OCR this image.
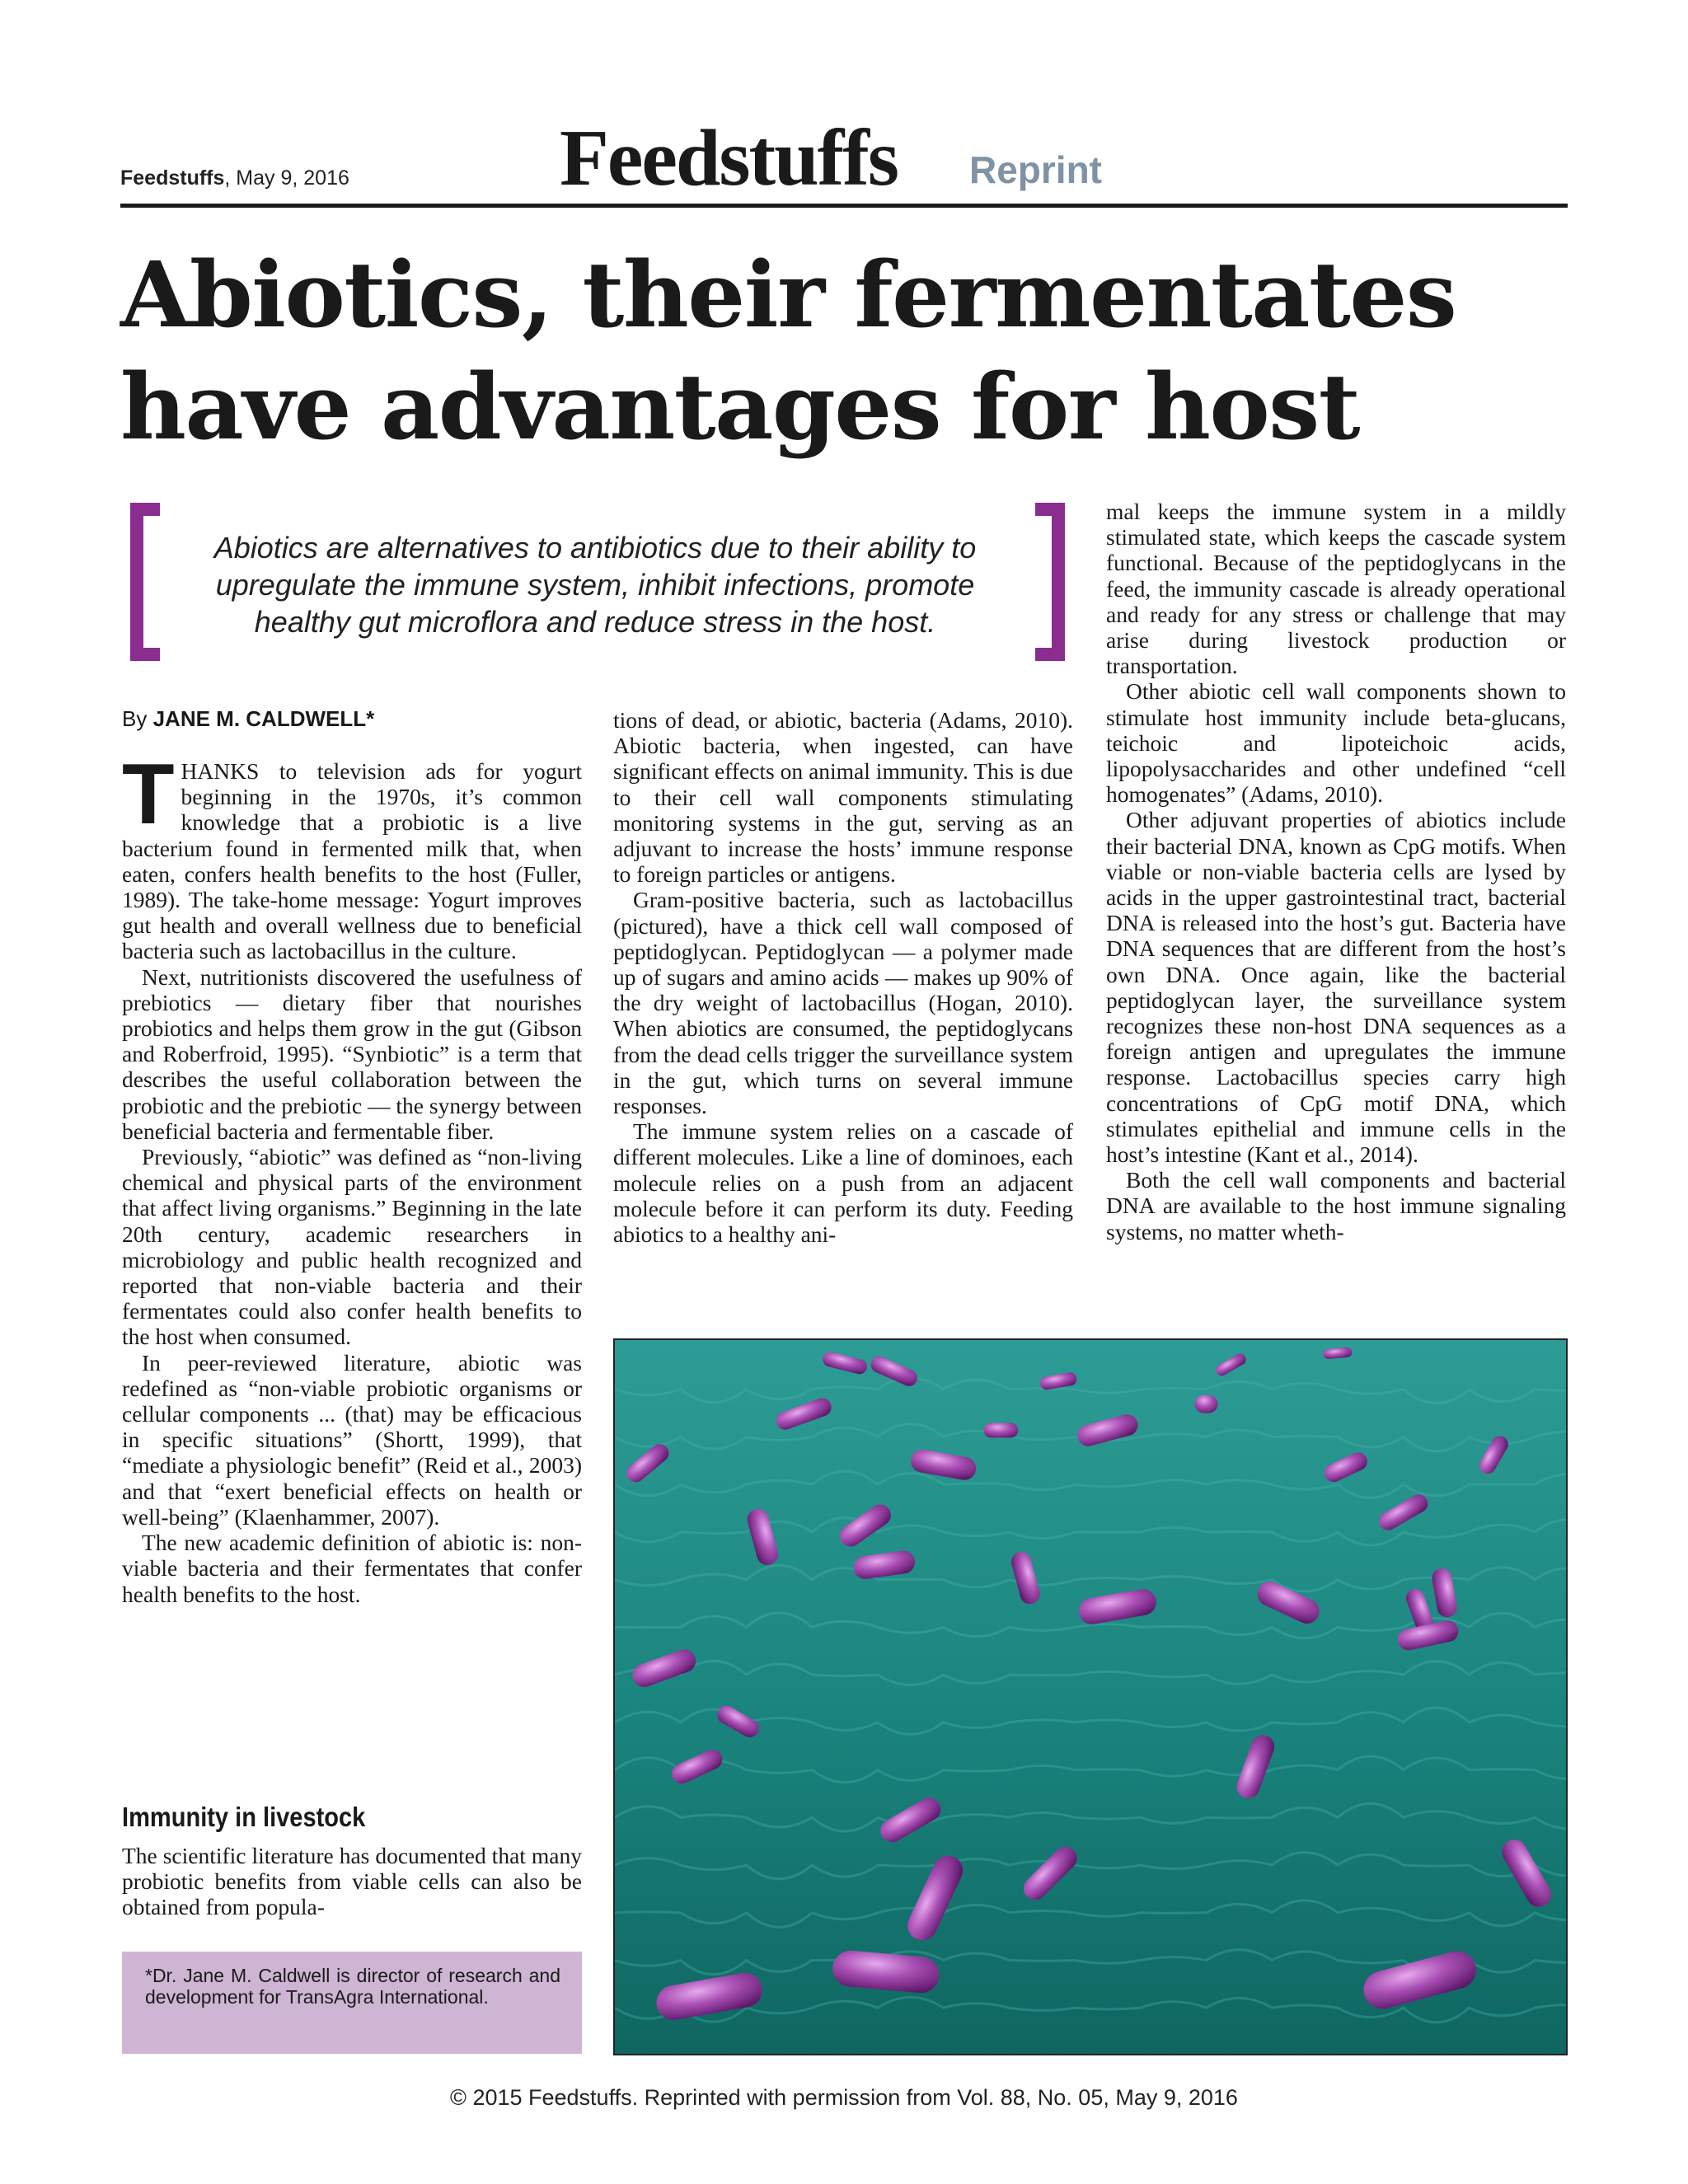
Feedstuffs, May 9, 2016	Feedstuffs Reprint
Abiotics, their fermentates
have advantages for host
Abiotics are alternatives to antibiotics due to their ability to upregulate the immune system, inhibit infections, promote healthy gut microflora and reduce stress in the host.
By JANE M. CALDWELL*

THANKS to television ads for yogurt beginning in the 1970s, it’s common knowledge that a probiotic is a live bacterium found in fermented milk that, when eaten, confers health benefits to the host (Fuller, 1989). The take-home message: Yogurt improves gut health and overall wellness due to beneficial bacteria such as lactobacillus in the culture.

Next, nutritionists discovered the usefulness of prebiotics — dietary fiber that nourishes probiotics and helps them grow in the gut (Gibson and Roberfroid, 1995). “Synbiotic” is a term that describes the useful collaboration between the probiotic and the prebiotic — the synergy between beneficial bacteria and fermentable fiber.

Previously, “abiotic” was defined as “non-living chemical and physical parts of the environment that affect living organisms.” Beginning in the late 20th century, academic researchers in microbiology and public health recognized and reported that non-viable bacteria and their fermentates could also confer health benefits to the host when consumed.

In peer-reviewed literature, abiotic was redefined as “non-viable probiotic organisms or cellular components ... (that) may be efficacious in specific situations” (Shortt, 1999), that “mediate a physiologic benefit” (Reid et al., 2003) and that “exert beneficial effects on health or well-being” (Klaenhammer, 2007).

The new academic definition of abiotic is: non-viable bacteria and their fermentates that confer health benefits to the host.

Immunity in livestock

The scientific literature has documented that many probiotic benefits from viable cells can also be obtained from popula-

*Dr. Jane M. Caldwell is director of research and development for TransAgra International.

tions of dead, or abiotic, bacteria (Adams, 2010). Abiotic bacteria, when ingested, can have significant effects on animal immunity. This is due to their cell wall components stimulating monitoring systems in the gut, serving as an adjuvant to increase the hosts’ immune response to foreign particles or antigens.

Gram-positive bacteria, such as lactobacillus (pictured), have a thick cell wall composed of peptidoglycan. Peptidoglycan — a polymer made up of sugars and amino acids — makes up 90% of the dry weight of lactobacillus (Hogan, 2010). When abiotics are consumed, the peptidoglycans from the dead cells trigger the surveillance system in the gut, which turns on several immune responses.

The immune system relies on a cascade of different molecules. Like a line of dominoes, each molecule relies on a push from an adjacent molecule before it can perform its duty. Feeding abiotics to a healthy ani-

mal keeps the immune system in a mildly stimulated state, which keeps the cascade system functional. Because of the peptidoglycans in the feed, the immunity cascade is already operational and ready for any stress or challenge that may arise during livestock production or transportation.

Other abiotic cell wall components shown to stimulate host immunity include beta-glucans, teichoic and lipoteichoic acids, lipopolysaccharides and other undefined “cell homogenates” (Adams, 2010).

Other adjuvant properties of abiotics include their bacterial DNA, known as CpG motifs. When viable or non-viable bacteria cells are lysed by acids in the upper gastrointestinal tract, bacterial DNA is released into the host’s gut. Bacteria have DNA sequences that are different from the host’s own DNA. Once again, like the bacterial peptidoglycan layer, the surveillance system recognizes these non-host DNA sequences as a foreign antigen and upregulates the immune response. Lactobacillus species carry high concentrations of CpG motif DNA, which stimulates epithelial and immune cells in the host’s intestine (Kant et al., 2014).

Both the cell wall components and bacterial DNA are available to the host immune signaling systems, no matter wheth-

© 2015 Feedstuffs. Reprinted with permission from Vol. 88, No. 05, May 9, 2016
